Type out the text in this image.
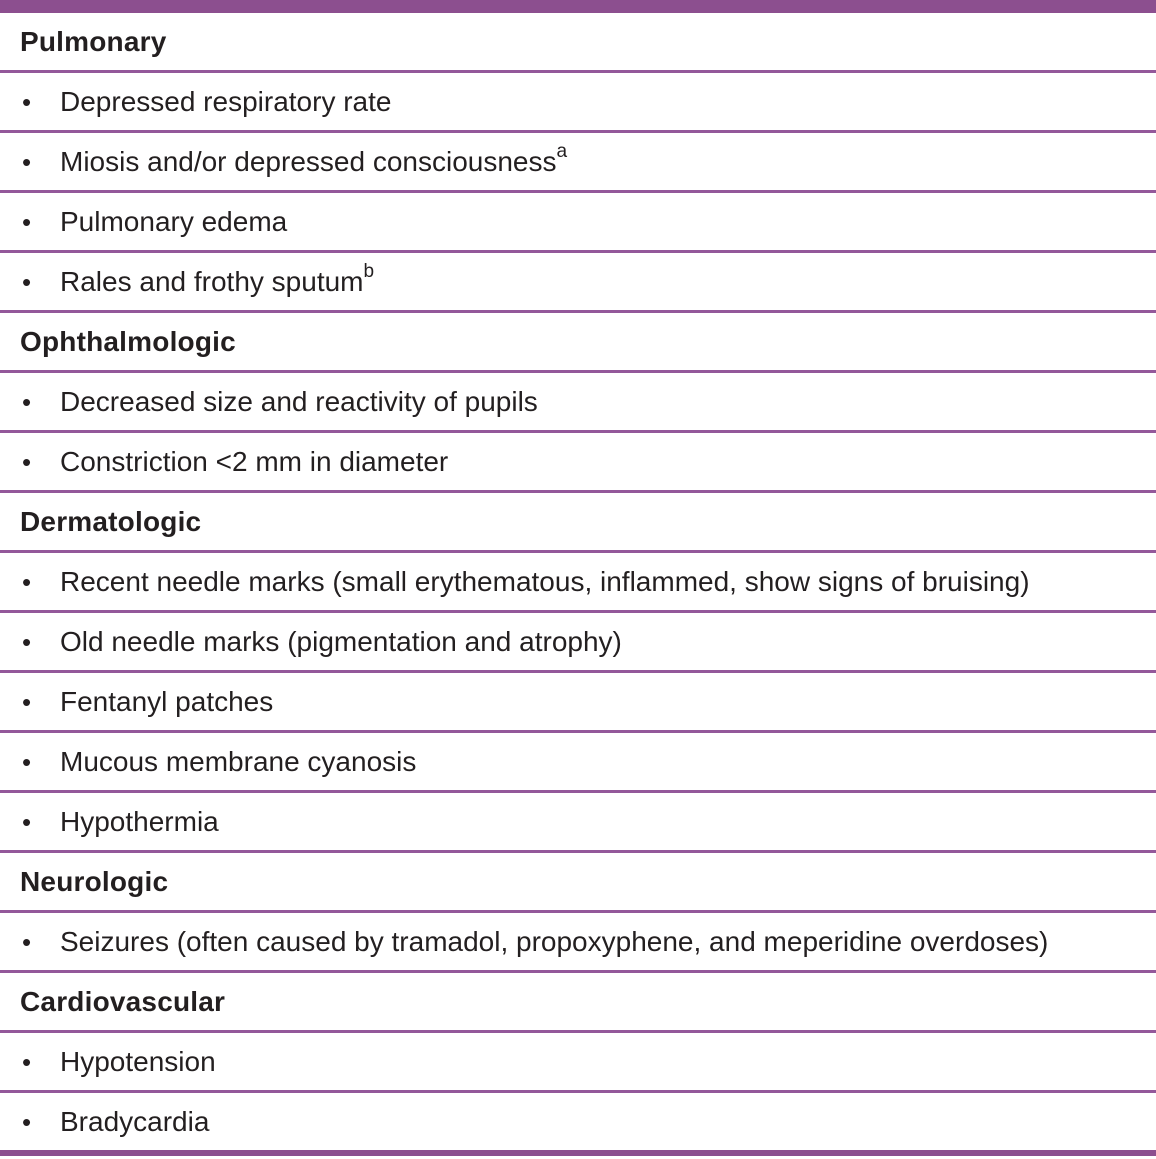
Pulmonary
•	Depressed respiratory rate
•	Miosis and/or depressed consciousness$^a$
•	Pulmonary edema
•	Rales and frothy sputum$^b$
Ophthalmologic
•	Decreased size and reactivity of pupils
•	Constriction <2 mm in diameter
Dermatologic
•	Recent needle marks (small erythematous, inflammed, show signs of bruising)
•	Old needle marks (pigmentation and atrophy)
•	Fentanyl patches
•	Mucous membrane cyanosis
•	Hypothermia
Neurologic
•	Seizures (often caused by tramadol, propoxyphene, and meperidine overdoses)
Cardiovascular
•	Hypotension
•	Bradycardia
